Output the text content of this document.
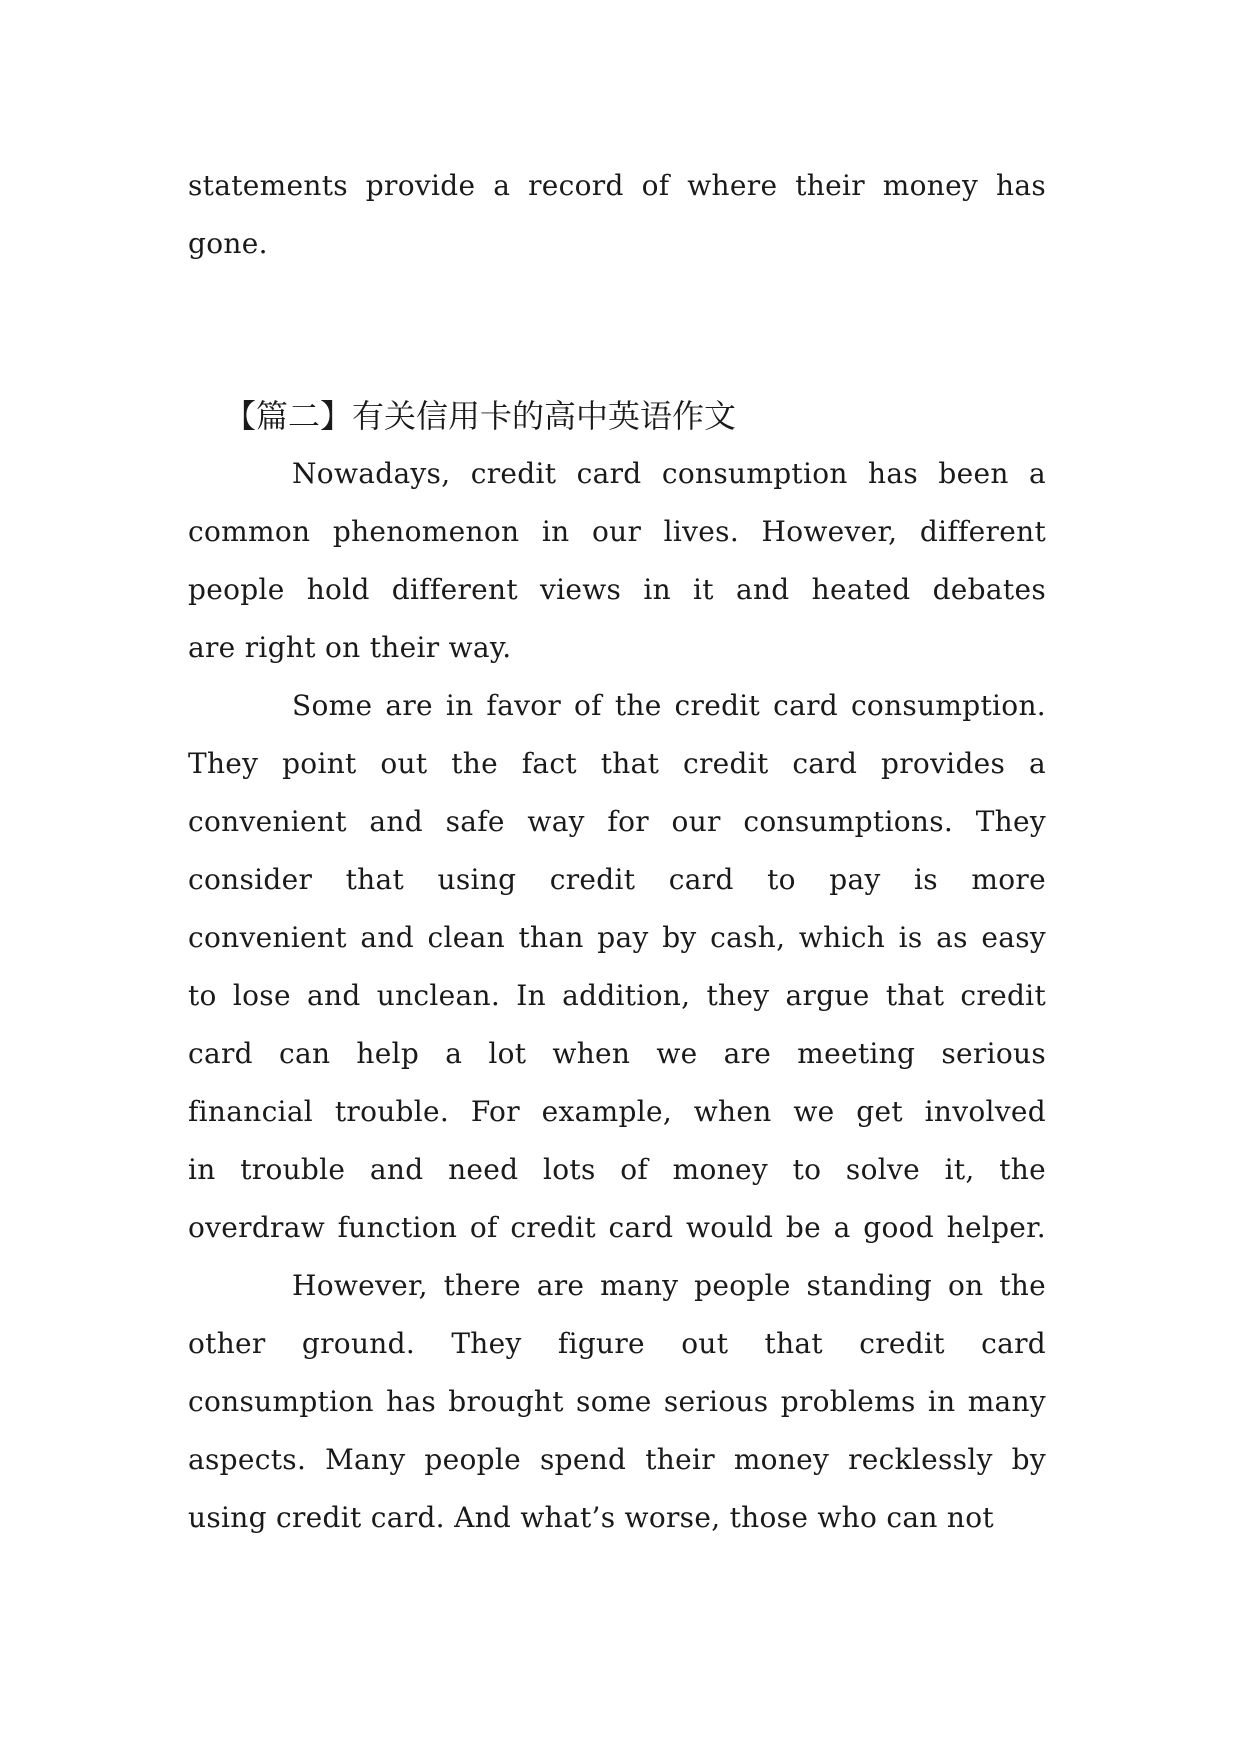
statements provide a record of where their money has
gone.
【篇二】有关信用卡的高中英语作文
Nowadays, credit card consumption has been a
common phenomenon in our lives. However, different
people hold different views in it and heated debates
are right on their way.
Some are in favor of the credit card consumption.
They point out the fact that credit card provides a
convenient and safe way for our consumptions. They
consider that using credit card to pay is more
convenient and clean than pay by cash, which is as easy
to lose and unclean. In addition, they argue that credit
card can help a lot when we are meeting serious
financial trouble. For example, when we get involved
in trouble and need lots of money to solve it, the
overdraw function of credit card would be a good helper.
However, there are many people standing on the
other ground. They figure out that credit card
consumption has brought some serious problems in many
aspects. Many people spend their money recklessly by
using credit card. And what’s worse, those who can not
